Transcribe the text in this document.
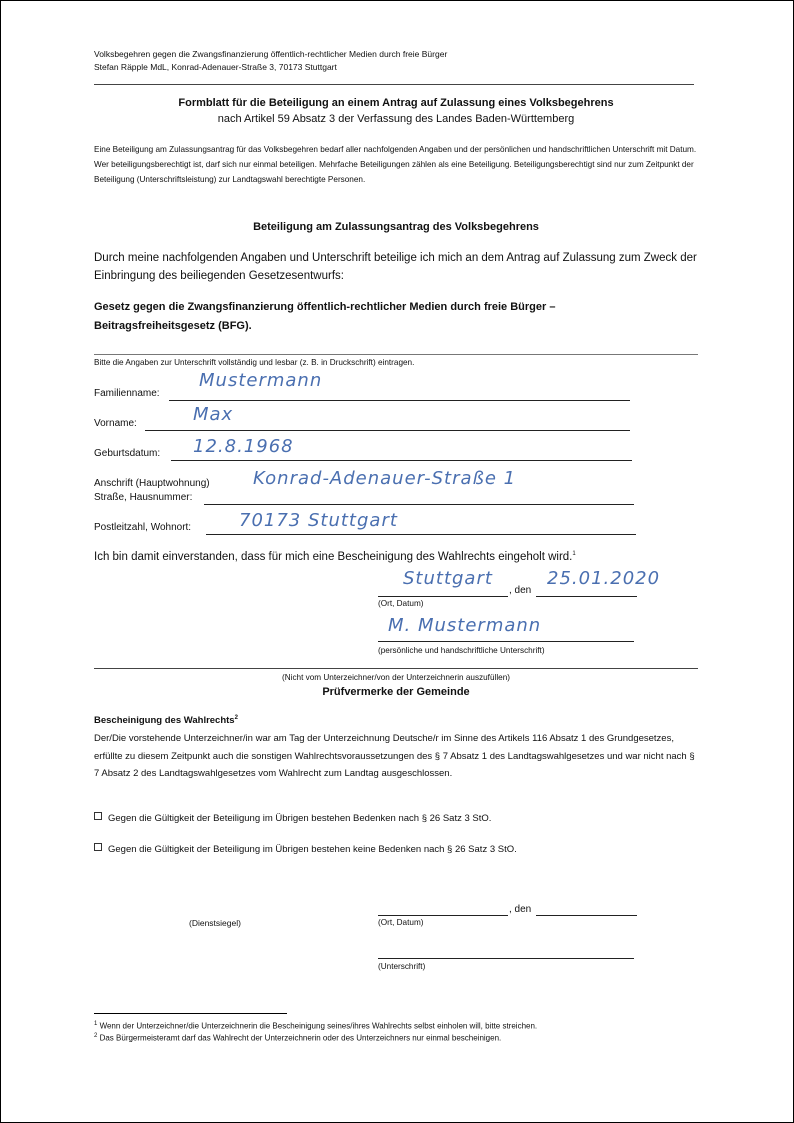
Volksbegehren gegen die Zwangsfinanzierung öffentlich-rechtlicher Medien durch freie Bürger
Stefan Räpple MdL, Konrad-Adenauer-Straße 3, 70173 Stuttgart
Formblatt für die Beteiligung an einem Antrag auf Zulassung eines Volksbegehrens
nach Artikel 59 Absatz 3 der Verfassung des Landes Baden-Württemberg
Eine Beteiligung am Zulassungsantrag für das Volksbegehren bedarf aller nachfolgenden Angaben und der persönlichen und handschriftlichen Unterschrift mit Datum. Wer beteiligungsberechtigt ist, darf sich nur einmal beteiligen. Mehrfache Beteiligungen zählen als eine Beteiligung. Beteiligungsberechtigt sind nur zum Zeitpunkt der Beteiligung (Unterschriftsleistung) zur Landtagswahl berechtigte Personen.
Beteiligung am Zulassungsantrag des Volksbegehrens
Durch meine nachfolgenden Angaben und Unterschrift beteilige ich mich an dem Antrag auf Zulassung zum Zweck der Einbringung des beiliegenden Gesetzesentwurfs:
Gesetz gegen die Zwangsfinanzierung öffentlich-rechtlicher Medien durch freie Bürger – Beitragsfreiheitsgesetz (BFG).
Bitte die Angaben zur Unterschrift vollständig und lesbar (z. B. in Druckschrift) eintragen.
Familienname:
Mustermann
Vorname:	Max
Geburtsdatum: 12.8.1968
Anschrift (Hauptwohnung)
Straße, Hausnummer:
Konrad-Adenauer-Straße 1
Postleitzahl, Wohnort:	70173 Stuttgart
Ich bin damit einverstanden, dass für mich eine Bescheinigung des Wahlrechts eingeholt wird.$^1$
Stuttgart
, den
25.01.2020
(Ort, Datum)
M. Mustermann
(persönliche und handschriftliche Unterschrift)
(Nicht vom Unterzeichner/von der Unterzeichnerin auszufüllen)
Prüfvermerke der Gemeinde
Bescheinigung des Wahlrechts$^2$
Der/Die vorstehende Unterzeichner/in war am Tag der Unterzeichnung Deutsche/r im Sinne des Artikels 116 Absatz 1 des Grundgesetzes, erfüllte zu diesem Zeitpunkt auch die sonstigen Wahlrechtsvoraussetzungen des § 7 Absatz 1 des Landtagswahlgesetzes und war nicht nach § 7 Absatz 2 des Landtagswahlgesetzes vom Wahlrecht zum Landtag ausgeschlossen.
Gegen die Gültigkeit der Beteiligung im Übrigen bestehen Bedenken nach § 26 Satz 3 StO.
Gegen die Gültigkeit der Beteiligung im Übrigen bestehen keine Bedenken nach § 26 Satz 3 StO.
(Dienstsiegel)
, den
(Ort, Datum)
(Unterschrift)
$^1$ Wenn der Unterzeichner/die Unterzeichnerin die Bescheinigung seines/ihres Wahlrechts selbst einholen will, bitte streichen.
$^2$ Das Bürgermeisteramt darf das Wahlrecht der Unterzeichnerin oder des Unterzeichners nur einmal bescheinigen.
